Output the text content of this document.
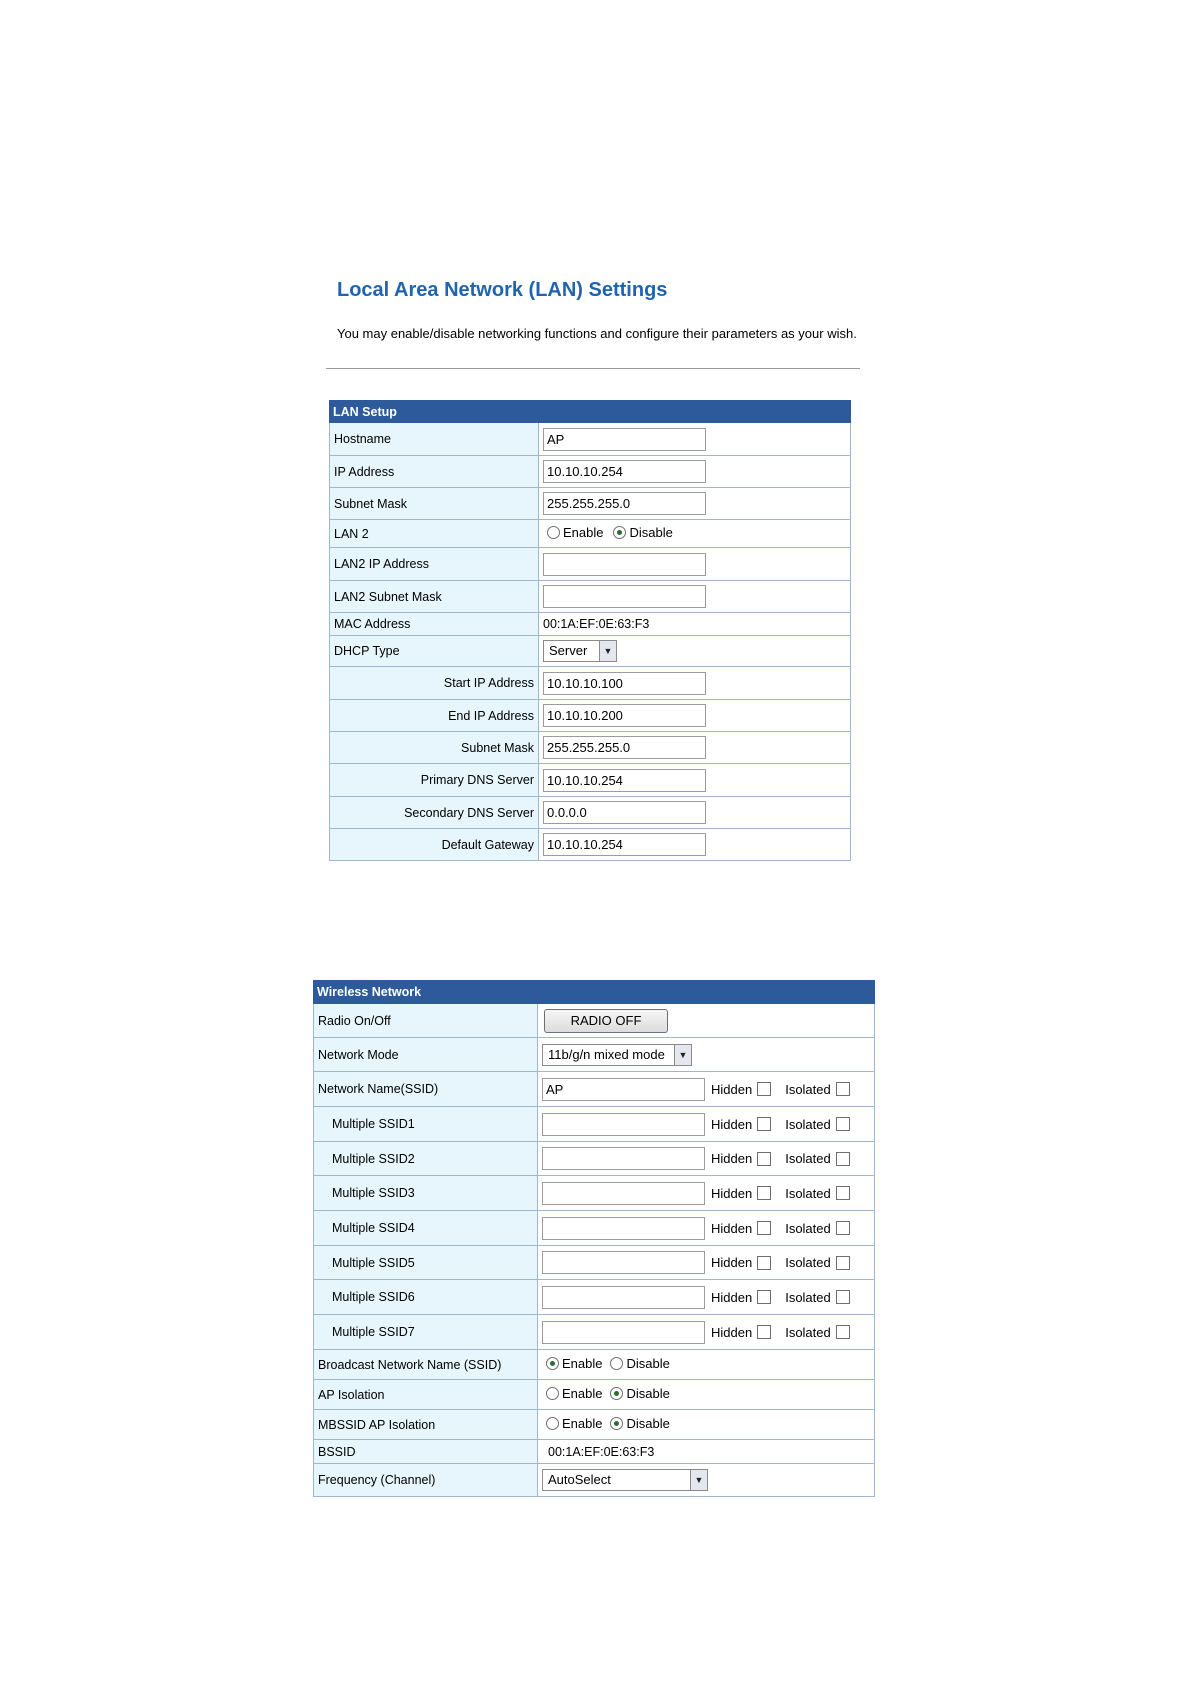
Local Area Network (LAN) Settings

You may enable/disable networking functions and configure their parameters as your wish.

LAN Setup	
Hostname	AP
IP Address	10.10.10.254
Subnet Mask	255.255.255.0
LAN 2	Enable Disable

LAN2 IP Address	
LAN2 Subnet Mask	
MAC Address	00:1A:EF:0E:63:F3
DHCP Type	Server ▼

Start IP Address	10.10.10.100
End IP Address	10.10.10.200
Subnet Mask	255.255.255.0
Primary DNS Server	10.10.10.254
Secondary DNS Server	0.0.0.0
Default Gateway	10.10.10.254
Wireless Network	
Radio On/Off	RADIO OFF
Network Mode	11b/g/n mixed mode ▼

Network Name(SSID)	AP Hidden Isolated

Multiple SSID1	Hidden Isolated

Multiple SSID2	Hidden Isolated

Multiple SSID3	Hidden Isolated

Multiple SSID4	Hidden Isolated

Multiple SSID5	Hidden Isolated

Multiple SSID6	Hidden Isolated

Multiple SSID7	Hidden Isolated

Broadcast Network Name (SSID)	Enable Disable

AP Isolation	Enable Disable

MBSSID AP Isolation	Enable Disable

BSSID	00:1A:EF:0E:63:F3
Frequency (Channel)	AutoSelect ▼
